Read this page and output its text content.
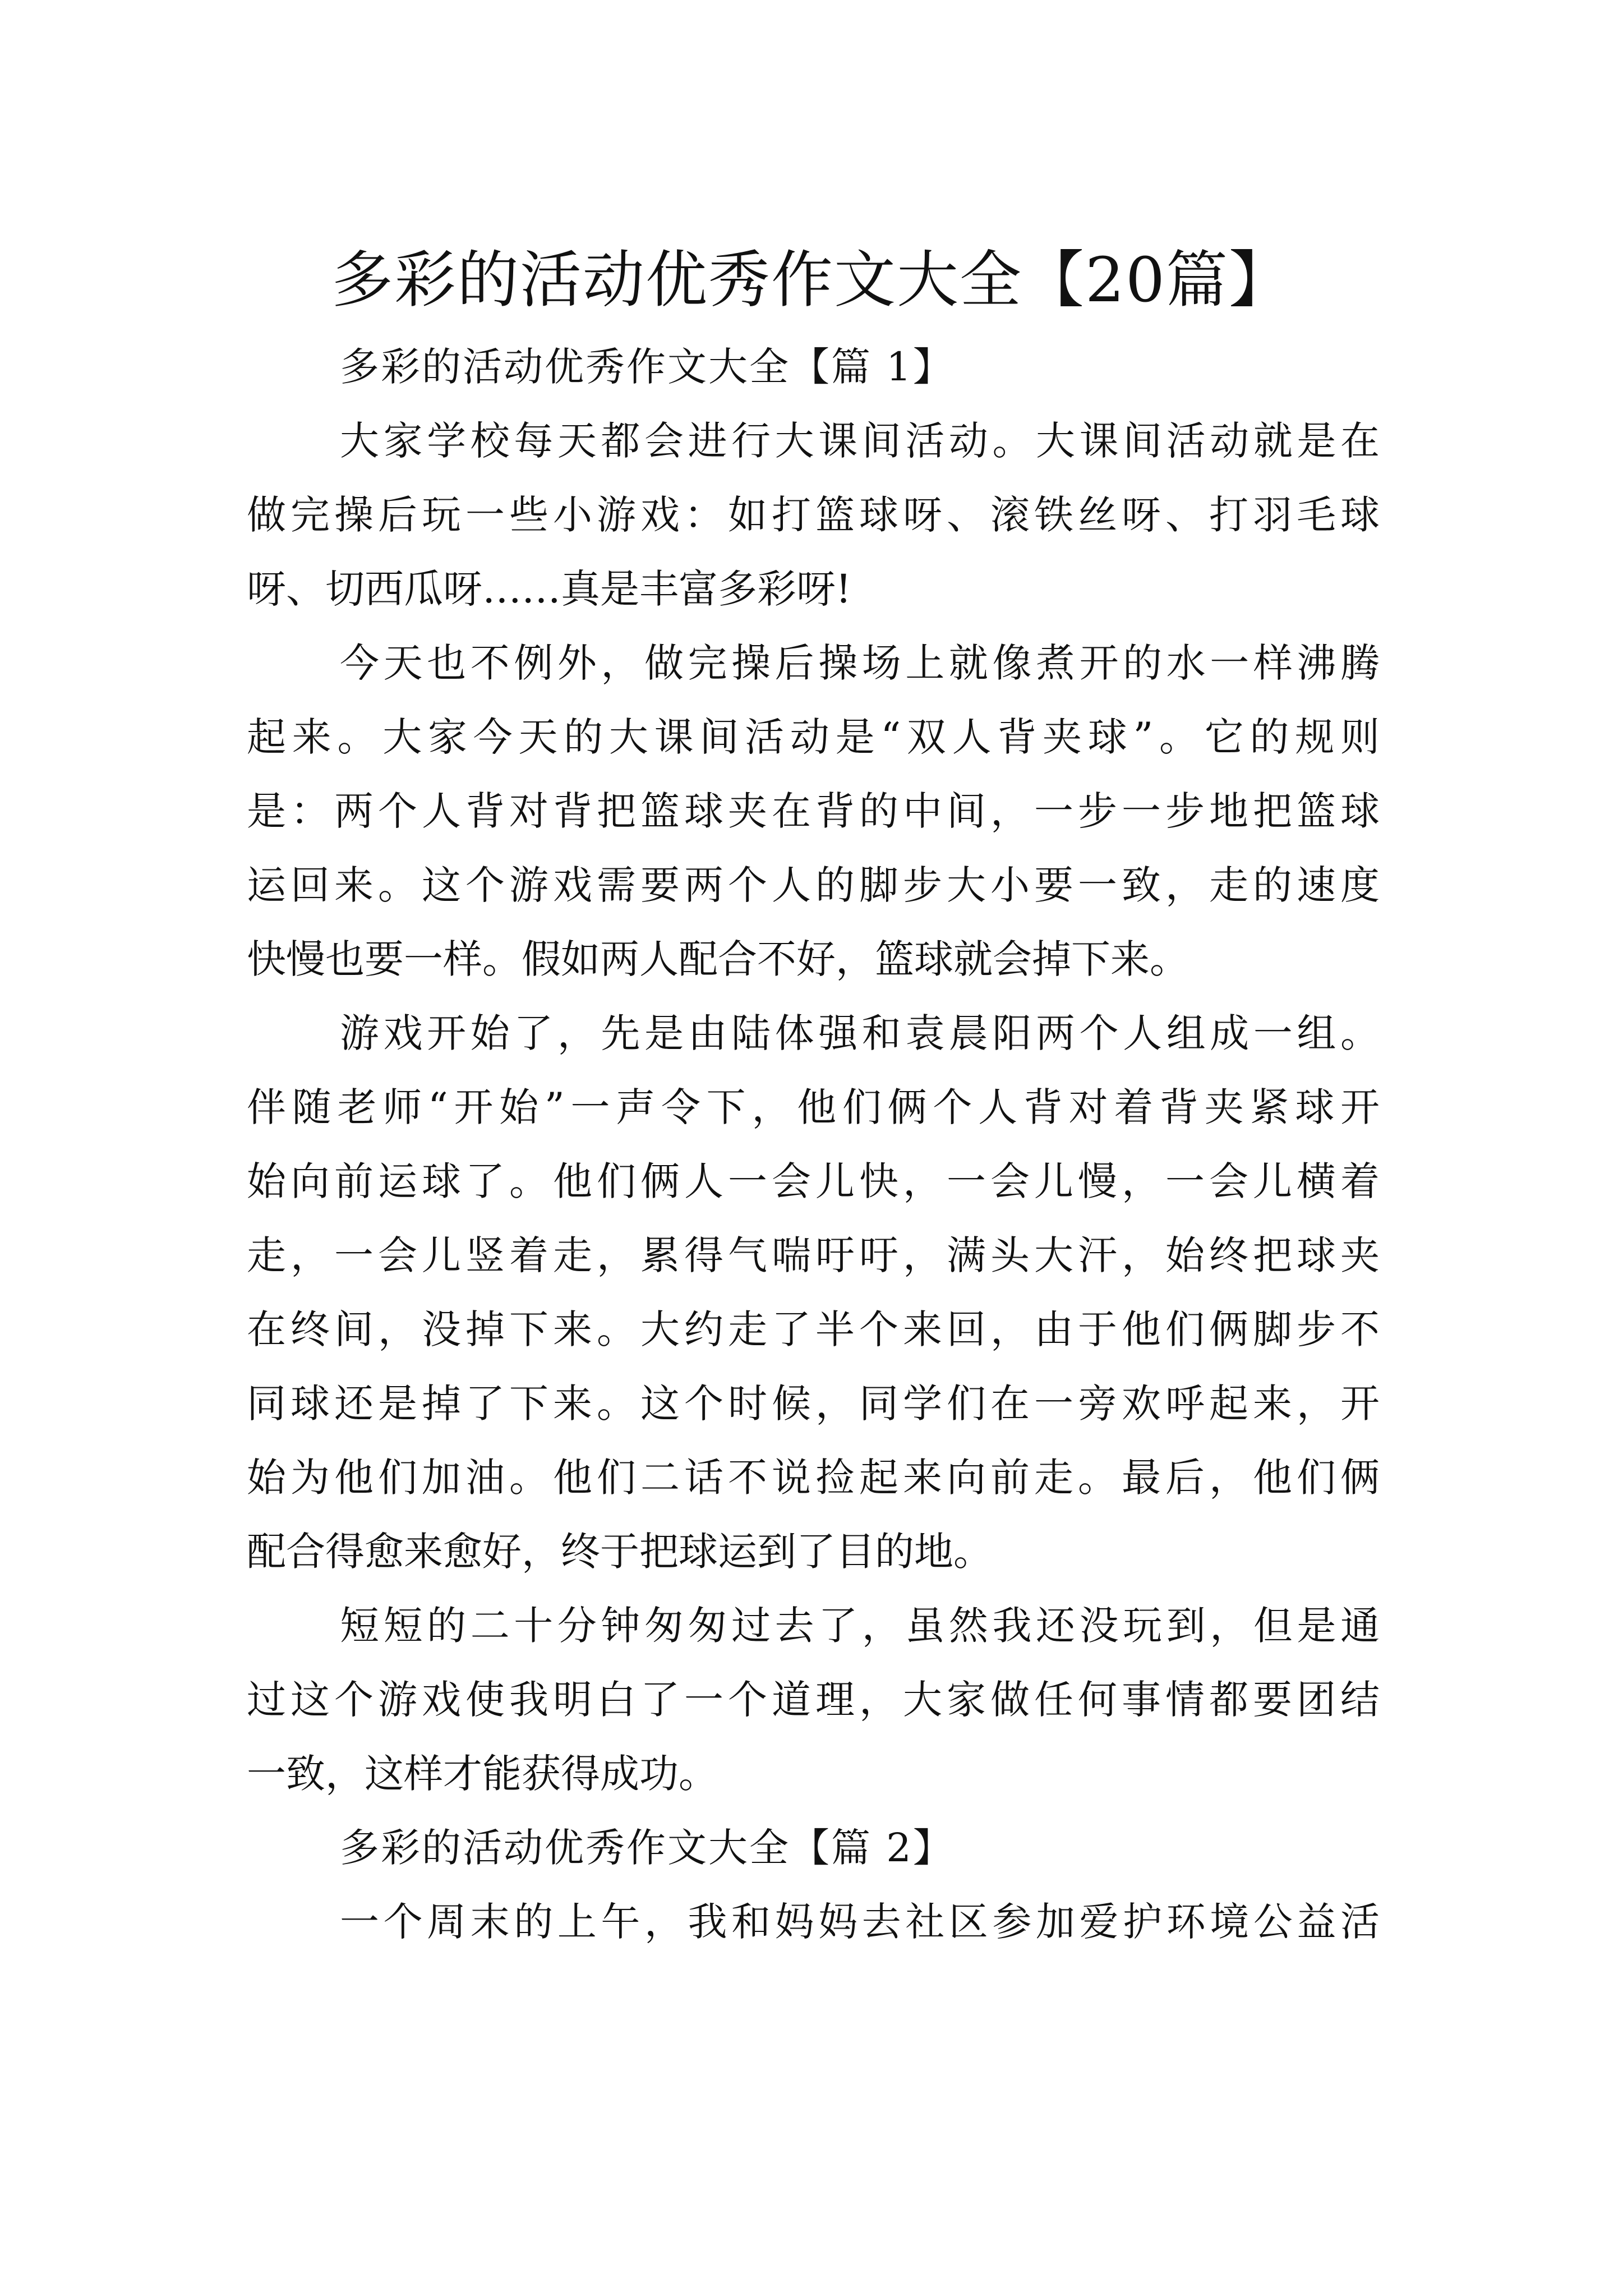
多彩的活动优秀作文大全【20篇】
多彩的活动优秀作文大全【篇 1】
大家学校每天都会进行大课间活动。大课间活动就是在
做完操后玩一些小游戏：如打篮球呀、滚铁丝呀、打羽毛球
呀、切西瓜呀……真是丰富多彩呀!
今天也不例外，做完操后操场上就像煮开的水一样沸腾
起来。大家今天的大课间活动是“双人背夹球”。它的规则
是：两个人背对背把篮球夹在背的中间，一步一步地把篮球
运回来。这个游戏需要两个人的脚步大小要一致，走的速度
快慢也要一样。假如两人配合不好，篮球就会掉下来。
游戏开始了，先是由陆体强和袁晨阳两个人组成一组。
伴随老师“开始”一声令下，他们俩个人背对着背夹紧球开
始向前运球了。他们俩人一会儿快，一会儿慢，一会儿横着
走，一会儿竖着走，累得气喘吁吁，满头大汗，始终把球夹
在终间，没掉下来。大约走了半个来回，由于他们俩脚步不
同球还是掉了下来。这个时候，同学们在一旁欢呼起来，开
始为他们加油。他们二话不说捡起来向前走。最后，他们俩
配合得愈来愈好，终于把球运到了目的地。
短短的二十分钟匆匆过去了，虽然我还没玩到，但是通
过这个游戏使我明白了一个道理，大家做任何事情都要团结
一致，这样才能获得成功。
多彩的活动优秀作文大全【篇 2】
一个周末的上午，我和妈妈去社区参加爱护环境公益活
